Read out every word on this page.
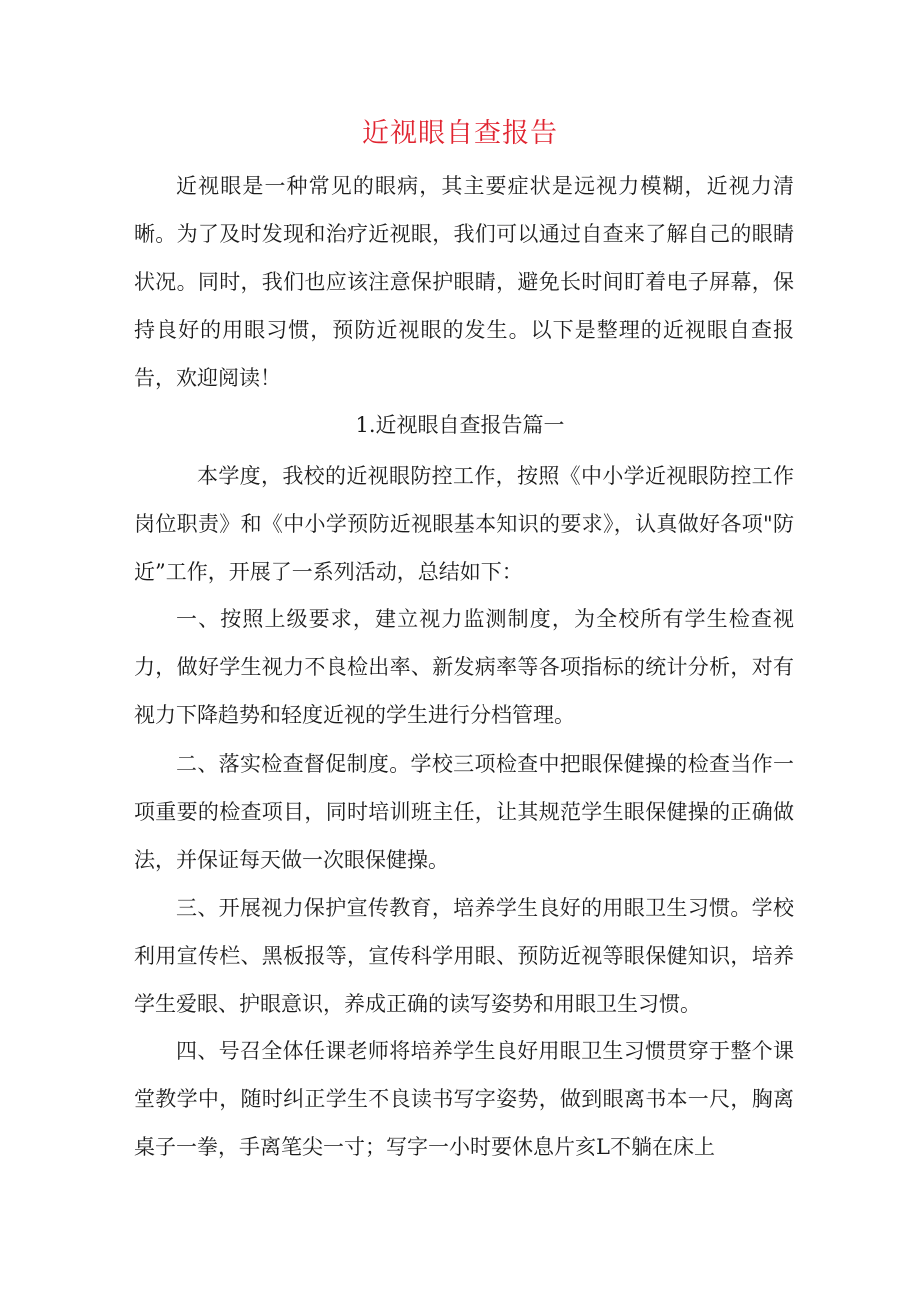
近视眼自查报告
近视眼是一种常见的眼病，其主要症状是远视力模糊，近视力清晰。为了及时发现和治疗近视眼，我们可以通过自查来了解自己的眼睛状况。同时，我们也应该注意保护眼睛，避免长时间盯着电子屏幕，保持良好的用眼习惯，预防近视眼的发生。以下是整理的近视眼自查报告，欢迎阅读！
1.近视眼自查报告篇一
本学度，我校的近视眼防控工作，按照《中小学近视眼防控工作岗位职责》和《中小学预防近视眼基本知识的要求》，认真做好各项"防近”工作，开展了一系列活动，总结如下：
一、按照上级要求，建立视力监测制度，为全校所有学生检查视力，做好学生视力不良检出率、新发病率等各项指标的统计分析，对有视力下降趋势和轻度近视的学生进行分档管理。
二、落实检查督促制度。学校三项检查中把眼保健操的检查当作一项重要的检查项目，同时培训班主任，让其规范学生眼保健操的正确做法，并保证每天做一次眼保健操。
三、开展视力保护宣传教育，培养学生良好的用眼卫生习惯。学校利用宣传栏、黑板报等，宣传科学用眼、预防近视等眼保健知识，培养学生爱眼、护眼意识，养成正确的读写姿势和用眼卫生习惯。
四、号召全体任课老师将培养学生良好用眼卫生习惯贯穿于整个课堂教学中，随时纠正学生不良读书写字姿势，做到眼离书本一尺，胸离桌子一拳，手离笔尖一寸；写字一小时要休息片亥L不躺在床上
